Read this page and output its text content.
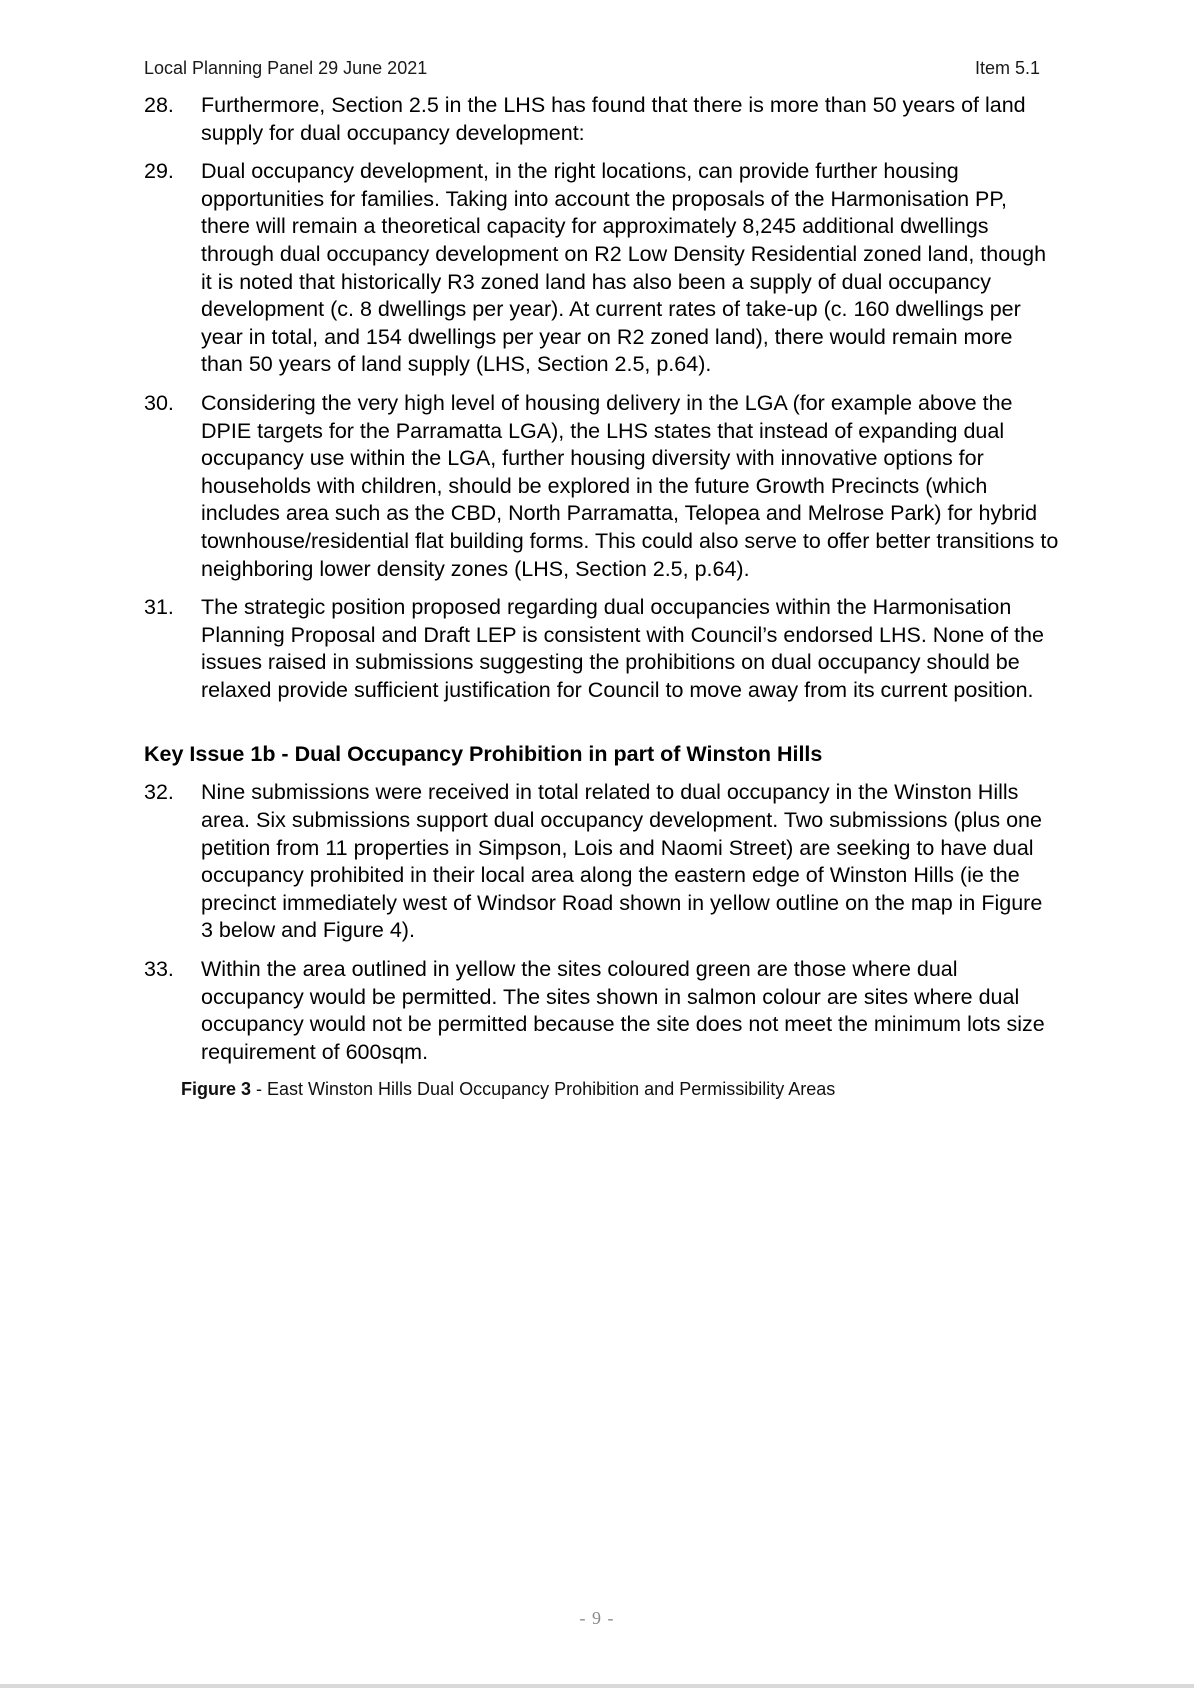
Local Planning Panel 29 June 2021	Item 5.1
28. Furthermore, Section 2.5 in the LHS has found that there is more than 50 years of land supply for dual occupancy development:
29. Dual occupancy development, in the right locations, can provide further housing opportunities for families. Taking into account the proposals of the Harmonisation PP, there will remain a theoretical capacity for approximately 8,245 additional dwellings through dual occupancy development on R2 Low Density Residential zoned land, though it is noted that historically R3 zoned land has also been a supply of dual occupancy development (c. 8 dwellings per year). At current rates of take-up (c. 160 dwellings per year in total, and 154 dwellings per year on R2 zoned land), there would remain more than 50 years of land supply (LHS, Section 2.5, p.64).
30. Considering the very high level of housing delivery in the LGA (for example above the DPIE targets for the Parramatta LGA), the LHS states that instead of expanding dual occupancy use within the LGA, further housing diversity with innovative options for households with children, should be explored in the future Growth Precincts (which includes area such as the CBD, North Parramatta, Telopea and Melrose Park) for hybrid townhouse/residential flat building forms. This could also serve to offer better transitions to neighboring lower density zones (LHS, Section 2.5, p.64).
31. The strategic position proposed regarding dual occupancies within the Harmonisation Planning Proposal and Draft LEP is consistent with Council’s endorsed LHS. None of the issues raised in submissions suggesting the prohibitions on dual occupancy should be relaxed provide sufficient justification for Council to move away from its current position.
Key Issue 1b - Dual Occupancy Prohibition in part of Winston Hills
32. Nine submissions were received in total related to dual occupancy in the Winston Hills area. Six submissions support dual occupancy development. Two submissions (plus one petition from 11 properties in Simpson, Lois and Naomi Street) are seeking to have dual occupancy prohibited in their local area along the eastern edge of Winston Hills (ie the precinct immediately west of Windsor Road shown in yellow outline on the map in Figure 3 below and Figure 4).
33. Within the area outlined in yellow the sites coloured green are those where dual occupancy would be permitted. The sites shown in salmon colour are sites where dual occupancy would not be permitted because the site does not meet the minimum lots size requirement of 600sqm.
Figure 3 - East Winston Hills Dual Occupancy Prohibition and Permissibility Areas
- 9 -
